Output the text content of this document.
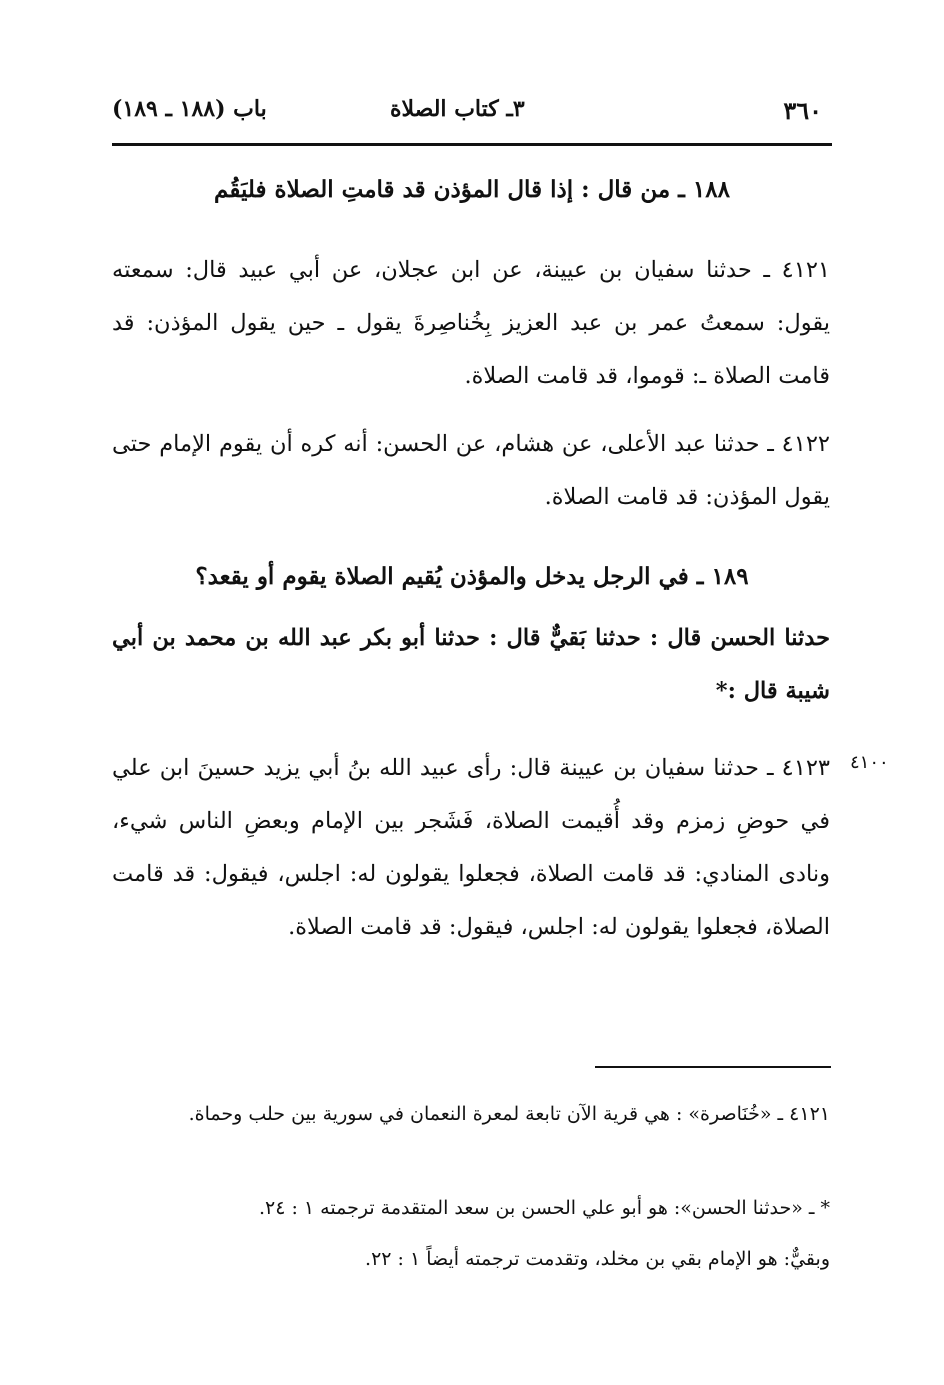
٣٦٠
٣ـ كتاب الصلاة
باب (١٨٨ ـ ١٨٩)
١٨٨ ـ من قال : إذا قال المؤذن قد قامتِ الصلاة فليَقُم
٤١٢١ ـ حدثنا سفيان بن عيينة، عن ابن عجلان، عن أبي عبيد قال: سمعته يقول: سمعتُ عمر بن عبد العزيز بِخُناصِرةَ يقول ـ حين يقول المؤذن: قد قامت الصلاة ـ: قوموا، قد قامت الصلاة.
٤١٢٢ ـ حدثنا عبد الأعلى، عن هشام، عن الحسن: أنه كره أن يقوم الإمام حتى يقول المؤذن: قد قامت الصلاة.
١٨٩ ـ في الرجل يدخل والمؤذن يُقيم الصلاة يقوم أو يقعد؟
حدثنا الحسن قال : حدثنا بَقيٌّ قال : حدثنا أبو بكر عبد الله بن محمد بن أبي شيبة قال :*
٤١٠٠
٤١٢٣ ـ حدثنا سفيان بن عيينة قال: رأى عبيد الله بنُ أبي يزيد حسينَ ابن علي في حوضِ زمزم وقد أُقيمت الصلاة، فَشَجر بين الإمام وبعضِ الناس شيء، ونادى المنادي: قد قامت الصلاة، فجعلوا يقولون له: اجلس، فيقول: قد قامت الصلاة، فجعلوا يقولون له: اجلس، فيقول: قد قامت الصلاة.
٤١٢١ ـ «خُنَاصرة» : هي قرية الآن تابعة لمعرة النعمان في سورية بين حلب وحماة.
* ـ «حدثنا الحسن»: هو أبو علي الحسن بن سعد المتقدمة ترجمته ١ : ٢٤.
وبقيٌّ: هو الإمام بقي بن مخلد، وتقدمت ترجمته أيضاً ١ : ٢٢.
